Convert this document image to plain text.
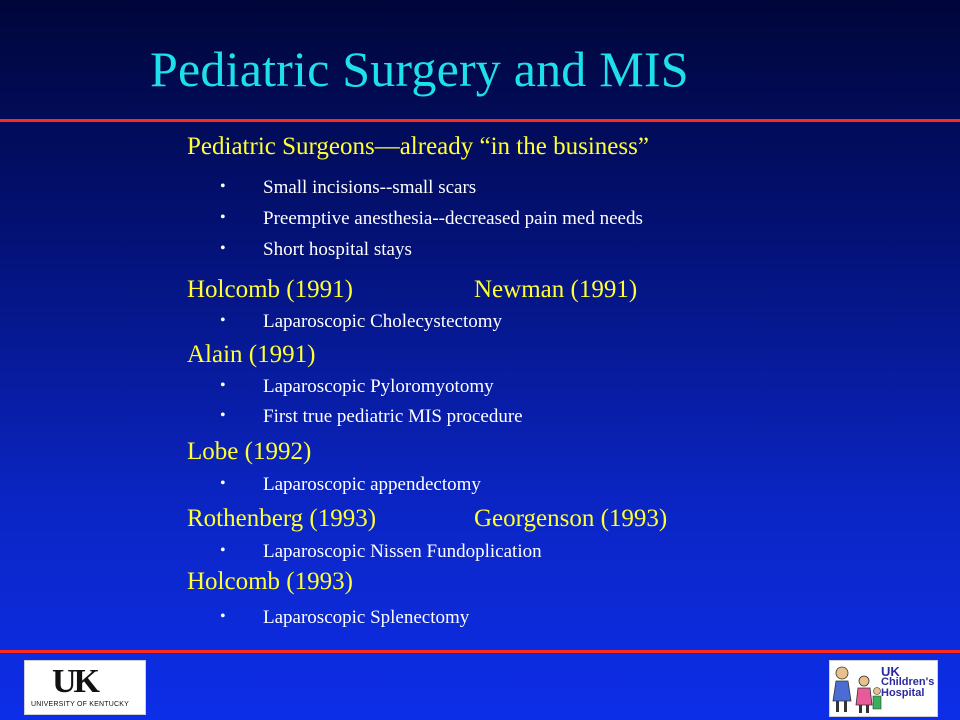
Pediatric Surgery and MIS
Pediatric Surgeons—already “in the business”
• Small incisions--small scars
• Preemptive anesthesia--decreased pain med needs
• Short hospital stays
Holcomb (1991)	Newman (1991)
• Laparoscopic Cholecystectomy
Alain (1991)
• Laparoscopic Pyloromyotomy
• First true pediatric MIS procedure
Lobe (1992)
• Laparoscopic appendectomy
Rothenberg (1993)	Georgenson (1993)
• Laparoscopic Nissen Fundoplication
Holcomb (1993)
• Laparoscopic Splenectomy
UK
UNIVERSITY OF KENTUCKY
UK
Children's
Hospital
